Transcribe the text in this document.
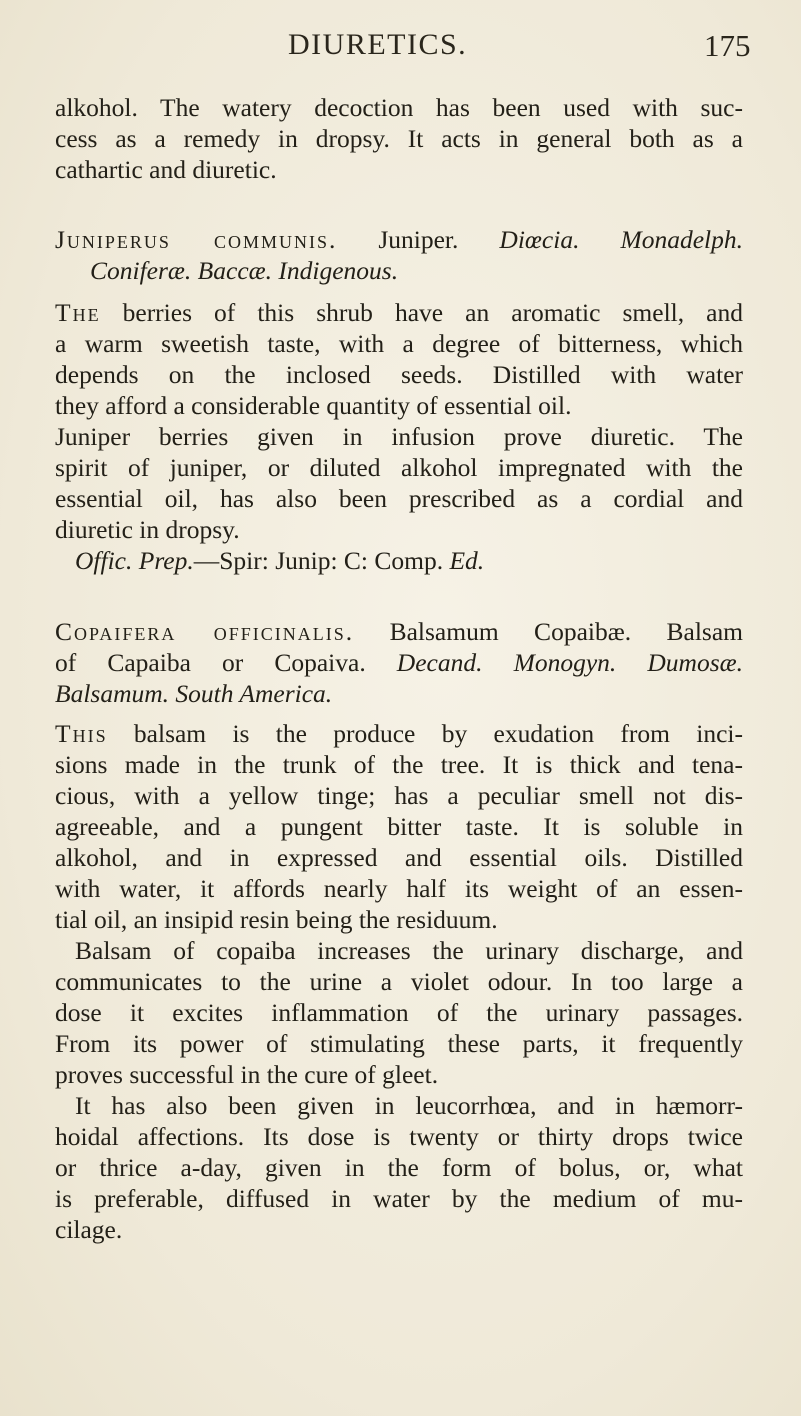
DIURETICS.	175
alkohol. The watery decoction has been used with suc-
cess as a remedy in dropsy. It acts in general both as a
cathartic and diuretic.
Juniperus communis. Juniper. Diœcia. Monadelph.
Coniferæ. Baccæ. Indigenous.
The berries of this shrub have an aromatic smell, and
a warm sweetish taste, with a degree of bitterness, which
depends on the inclosed seeds. Distilled with water
they afford a considerable quantity of essential oil.
Juniper berries given in infusion prove diuretic. The
spirit of juniper, or diluted alkohol impregnated with the
essential oil, has also been prescribed as a cordial and
diuretic in dropsy.
Offic. Prep.—Spir: Junip: C: Comp. Ed.
Copaifera officinalis. Balsamum Copaibæ. Balsam
of Capaiba or Copaiva. Decand. Monogyn. Dumosæ.
Balsamum. South America.
This balsam is the produce by exudation from inci-
sions made in the trunk of the tree. It is thick and tena-
cious, with a yellow tinge; has a peculiar smell not dis-
agreeable, and a pungent bitter taste. It is soluble in
alkohol, and in expressed and essential oils. Distilled
with water, it affords nearly half its weight of an essen-
tial oil, an insipid resin being the residuum.
Balsam of copaiba increases the urinary discharge, and
communicates to the urine a violet odour. In too large a
dose it excites inflammation of the urinary passages.
From its power of stimulating these parts, it frequently
proves successful in the cure of gleet.
It has also been given in leucorrhœa, and in hæmorr-
hoidal affections. Its dose is twenty or thirty drops twice
or thrice a-day, given in the form of bolus, or, what
is preferable, diffused in water by the medium of mu-
cilage.
